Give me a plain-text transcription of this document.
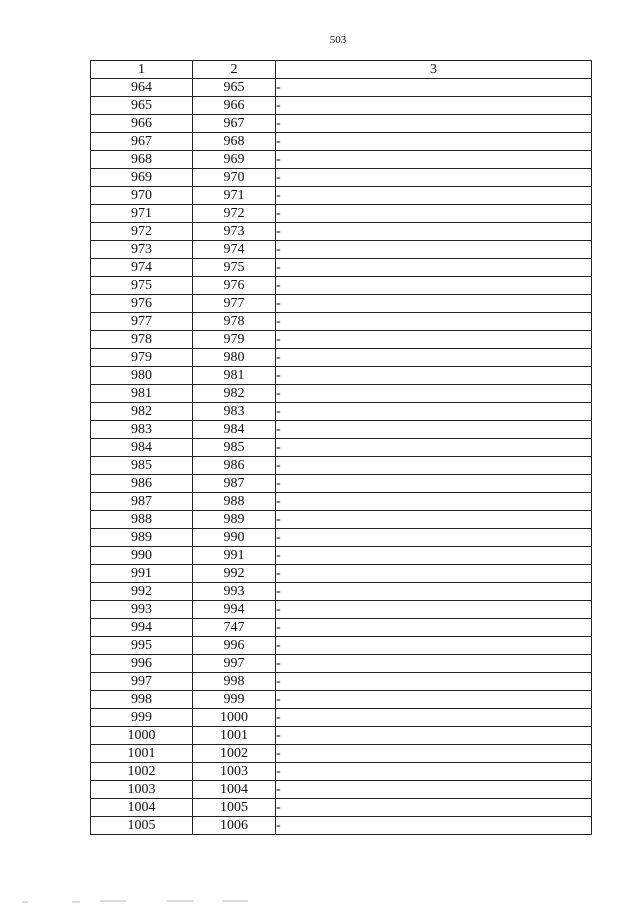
503
1	2	3
964	965	-
965	966	-
966	967	-
967	968	-
968	969	-
969	970	-
970	971	-
971	972	-
972	973	-
973	974	-
974	975	-
975	976	-
976	977	-
977	978	-
978	979	-
979	980	-
980	981	-
981	982	-
982	983	-
983	984	-
984	985	-
985	986	-
986	987	-
987	988	-
988	989	-
989	990	-
990	991	-
991	992	-
992	993	-
993	994	-
994	747	-
995	996	-
996	997	-
997	998	-
998	999	-
999	1000	-
1000	1001	-
1001	1002	-
1002	1003	-
1003	1004	-
1004	1005	-
1005	1006	-
